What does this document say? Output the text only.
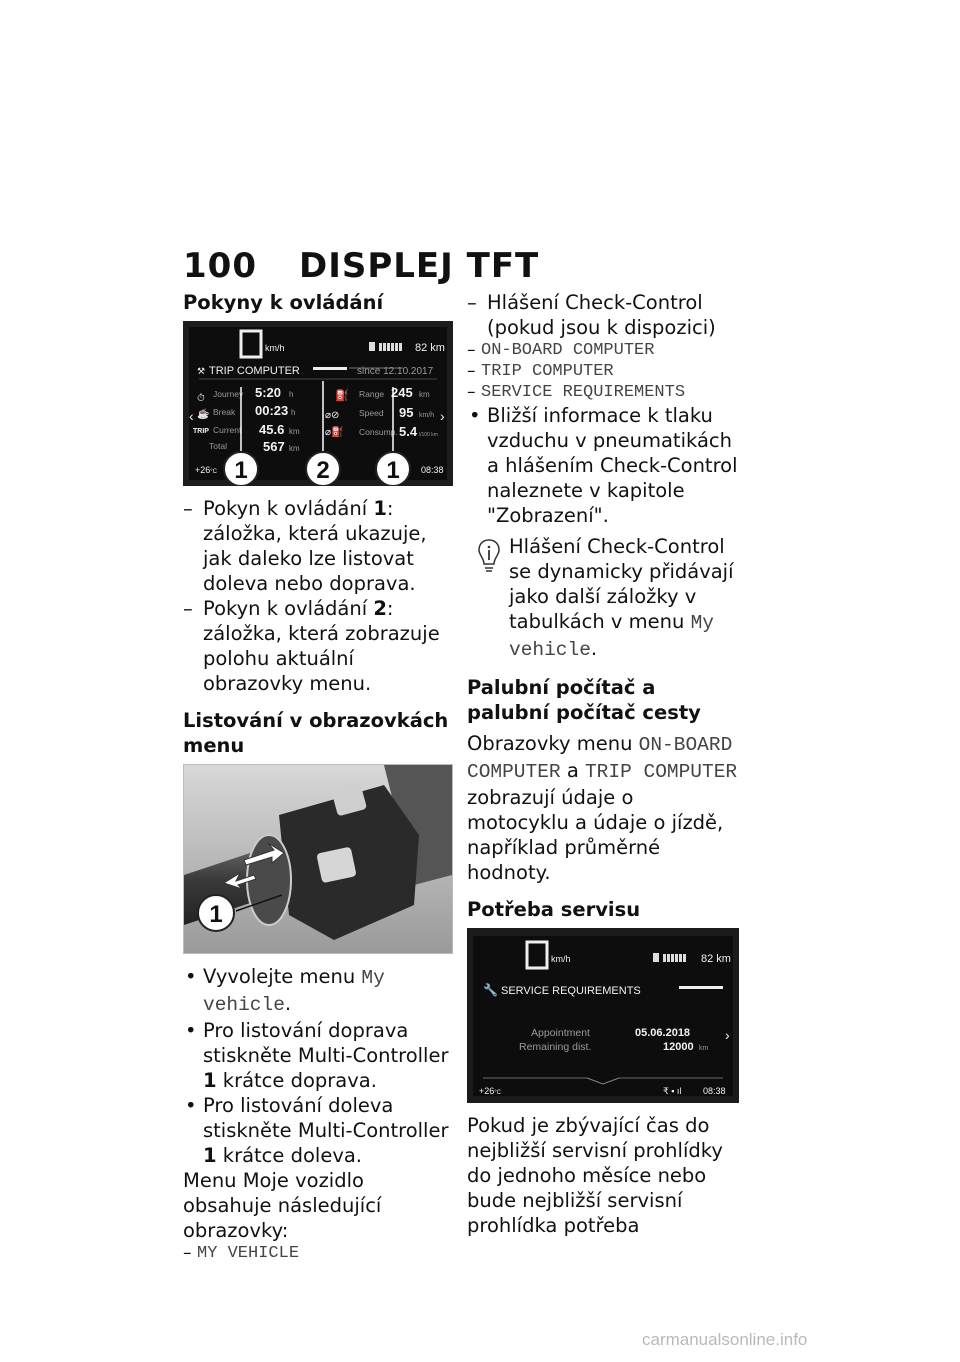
100 DISPLEJ TFT
Pokyny k ovládání
km/h	82 km
⚒ TRIP COMPUTER	since 12.10.2017
⏱ Journey 5:20 h
☕ Break 00:23 h
TRIP Current 45.6 km
Total	567 km
⛽
⌀⊘
⌀⛽
Range 245 km
Speed 95 km/h
Consump. 5.4 l/100 km
‹	›
+26°C	08:38
1	2 1

– Pokyn k ovládání 1: záložka, která ukazuje, jak daleko lze listovat doleva nebo doprava.

– Pokyn k ovládání 2: záložka, která zobrazuje polohu aktuální obrazovky menu.

Listování v obrazovkách menu
1

• Vyvolejte menu My vehicle.

• Pro listování doprava stiskněte Multi-Controller 1 krátce doprava.

• Pro listování doleva stiskněte Multi-Controller 1 krátce doleva.

Menu Moje vozidlo obsahuje následující obrazovky:

– MY VEHICLE

– Hlášení Check-Control (pokud jsou k dispozici)

– ON-BOARD COMPUTER

– TRIP COMPUTER

– SERVICE REQUIREMENTS

• Bližší informace k tlaku vzduchu v pneumatikách a hlášením Check-Control naleznete v kapitole "Zobrazení".

Hlášení Check-Control se dynamicky přidávají jako další záložky v tabulkách v menu My vehicle.

Palubní počítač a palubní počítač cesty

Obrazovky menu ON-BOARD COMPUTER a TRIP COMPUTER zobrazují údaje o motocyklu a údaje o jízdě, například průměrné hodnoty.

Potřeba servisu
km/h	82 km
🔧 SERVICE REQUIREMENTS
Appointment	05.06.2018
Remaining dist.	12000 km
›
+26°C	₹ ▪ ıl 08:38

Pokud je zbývající čas do nejbližší servisní prohlídky do jednoho měsíce nebo bude nejbližší servisní prohlídka potřeba

carmanualsonline.info
